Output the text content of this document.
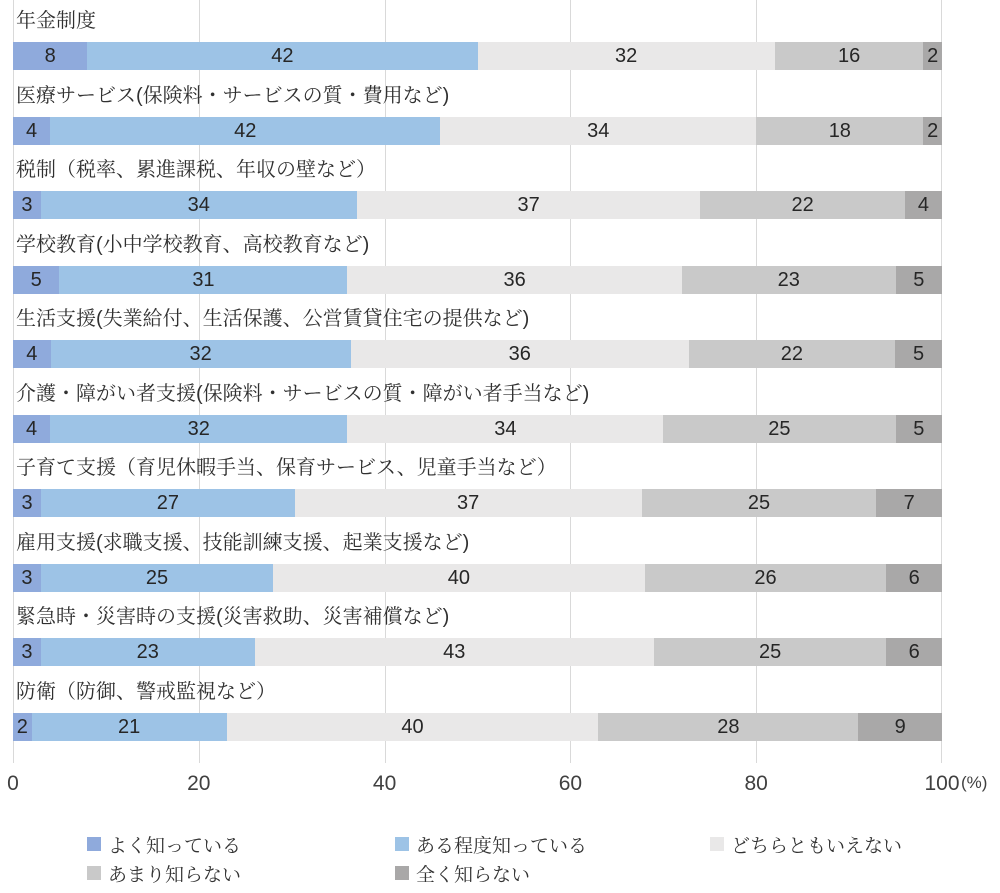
年金制度
8	42	32	16	2
医療サービス(保険料・サービスの質・費用など)
4	42	34	18	2
税制（税率、累進課税、年収の壁など）
3	34	37	22	4
学校教育(小中学校教育、高校教育など)
5	31	36	23	5
生活支援(失業給付、生活保護、公営賃貸住宅の提供など)
4	32	36	22	5
介護・障がい者支援(保険料・サービスの質・障がい者手当など)
4	32	34	25	5
子育て支援（育児休暇手当、保育サービス、児童手当など）
3	27	37	25	7
雇用支援(求職支援、技能訓練支援、起業支援など)
3	25	40	26	6
緊急時・災害時の支援(災害救助、災害補償など)
3	23	43	25	6
防衛（防御、警戒監視など）
2	21	40	28	9
(%)
0	20	40	60	80	100
よく知っている	ある程度知っている	どちらともいえない
あまり知らない	全く知らない
